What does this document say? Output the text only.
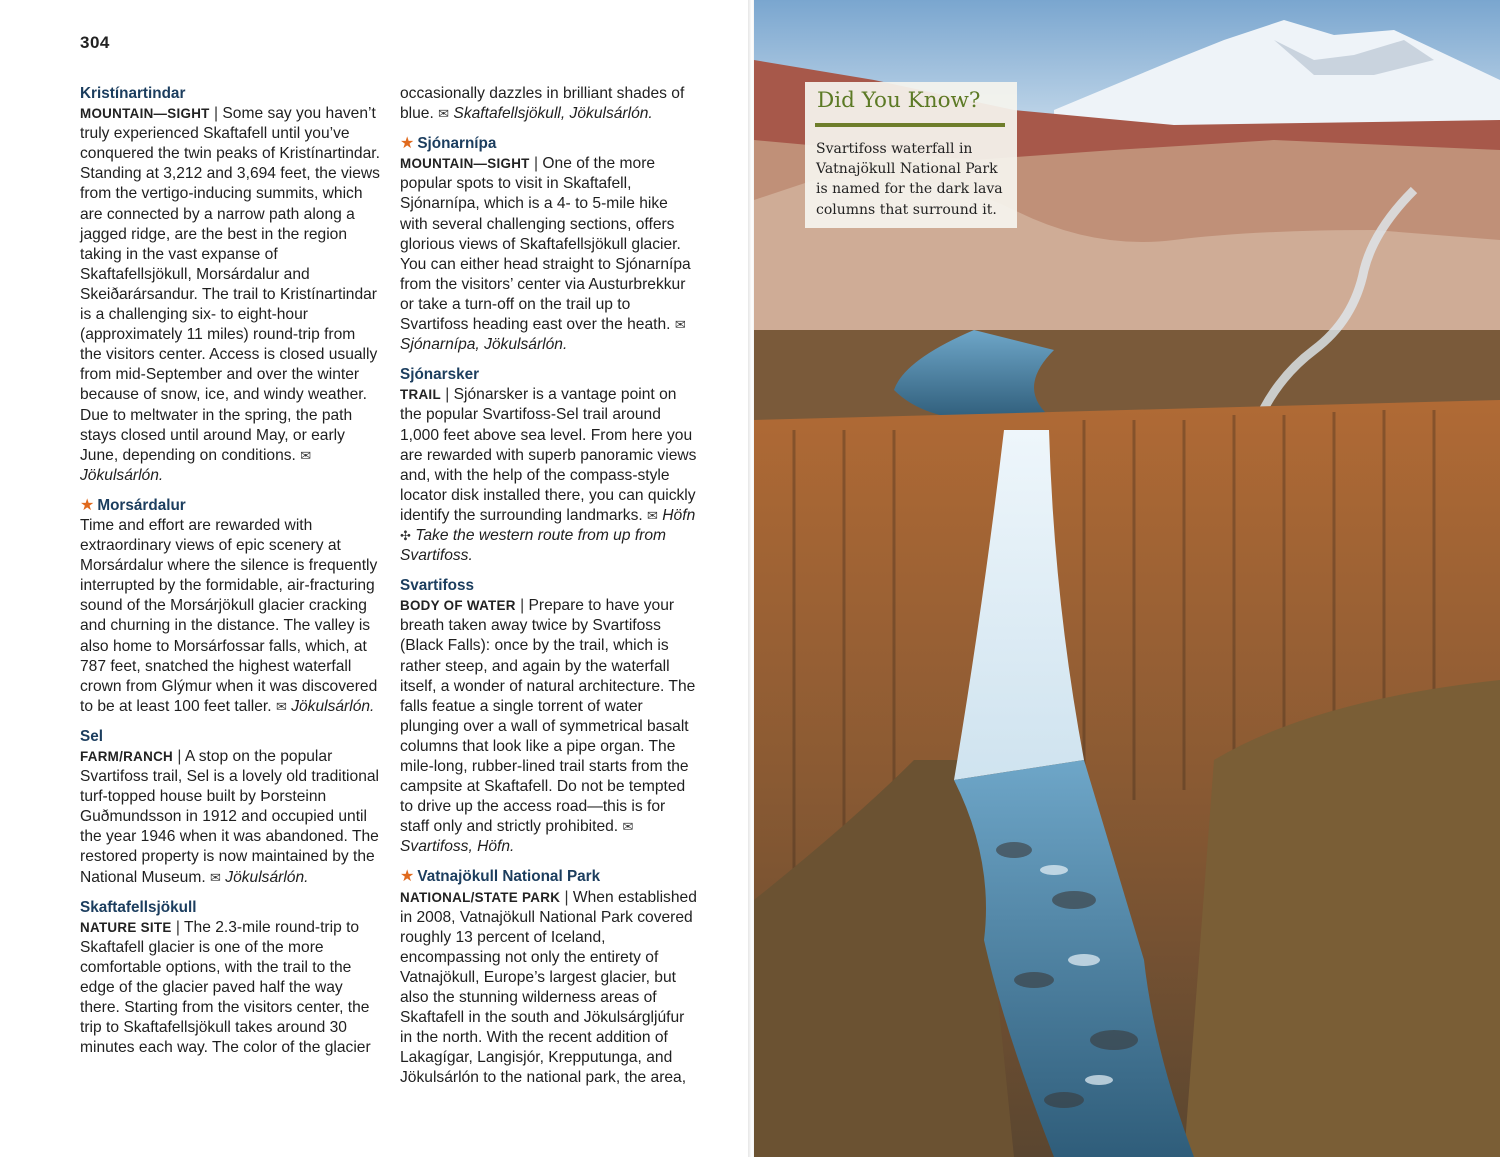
304
Kristínartindar
MOUNTAIN—SIGHT | Some say you haven’t truly experienced Skaftafell until you’ve conquered the twin peaks of Kristínartindar. Standing at 3,212 and 3,694 feet, the views from the vertigo-inducing summits, which are connected by a narrow path along a jagged ridge, are the best in the region taking in the vast expanse of Skaftafellsjökull, Morsárdalur and Skeiðarársandur. The trail to Kristínartindar is a challenging six- to eight-hour (approximately 11 miles) round-trip from the visitors center. Access is closed usually from mid-September and over the winter because of snow, ice, and windy weather. Due to meltwater in the spring, the path stays closed until around May, or early June, depending on conditions. ✉ Jökulsárlón.
★ Morsárdalur
Time and effort are rewarded with extraordinary views of epic scenery at Morsárdalur where the silence is frequently interrupted by the formidable, air-fracturing sound of the Morsárjökull glacier cracking and churning in the distance. The valley is also home to Morsárfossar falls, which, at 787 feet, snatched the highest waterfall crown from Glýmur when it was discovered to be at least 100 feet taller. ✉ Jökulsárlón.
Sel
FARM/RANCH | A stop on the popular Svartifoss trail, Sel is a lovely old traditional turf-topped house built by Þorsteinn Guðmundsson in 1912 and occupied until the year 1946 when it was abandoned. The restored property is now maintained by the National Museum. ✉ Jökulsárlón.
Skaftafellsjökull
NATURE SITE | The 2.3-mile round-trip to Skaftafell glacier is one of the more comfortable options, with the trail to the edge of the glacier paved half the way there. Starting from the visitors center, the trip to Skaftafellsjökull takes around 30 minutes each way. The color of the glacier
occasionally dazzles in brilliant shades of blue. ✉ Skaftafellsjökull, Jökulsárlón.
★ Sjónarnípa
MOUNTAIN—SIGHT | One of the more popular spots to visit in Skaftafell, Sjónarnípa, which is a 4- to 5-mile hike with several challenging sections, offers glorious views of Skaftafellsjökull glacier. You can either head straight to Sjónarnípa from the visitors’ center via Austurbrekkur or take a turn-off on the trail up to Svartifoss heading east over the heath. ✉ Sjónarnípa, Jökulsárlón.
Sjónarsker
TRAIL | Sjónarsker is a vantage point on the popular Svartifoss-Sel trail around 1,000 feet above sea level. From here you are rewarded with superb panoramic views and, with the help of the compass-style locator disk installed there, you can quickly identify the surrounding landmarks. ✉ Höfn ✣ Take the western route from up from Svartifoss.
Svartifoss
BODY OF WATER | Prepare to have your breath taken away twice by Svartifoss (Black Falls): once by the trail, which is rather steep, and again by the waterfall itself, a wonder of natural architecture. The falls featue a single torrent of water plunging over a wall of symmetrical basalt columns that look like a pipe organ. The mile-long, rubber-lined trail starts from the campsite at Skaftafell. Do not be tempted to drive up the access road—this is for staff only and strictly prohibited. ✉ Svartifoss, Höfn.
★ Vatnajökull National Park
NATIONAL/STATE PARK | When established in 2008, Vatnajökull National Park covered roughly 13 percent of Iceland, encompassing not only the entirety of Vatnajökull, Europe’s largest glacier, but also the stunning wilderness areas of Skaftafell in the south and Jökulsárgljúfur in the north. With the recent addition of Lakagígar, Langisjór, Krepputunga, and Jökulsárlón to the national park, the area,
Did You Know?
Svartifoss waterfall in Vatnajökull National Park is named for the dark lava columns that surround it.
